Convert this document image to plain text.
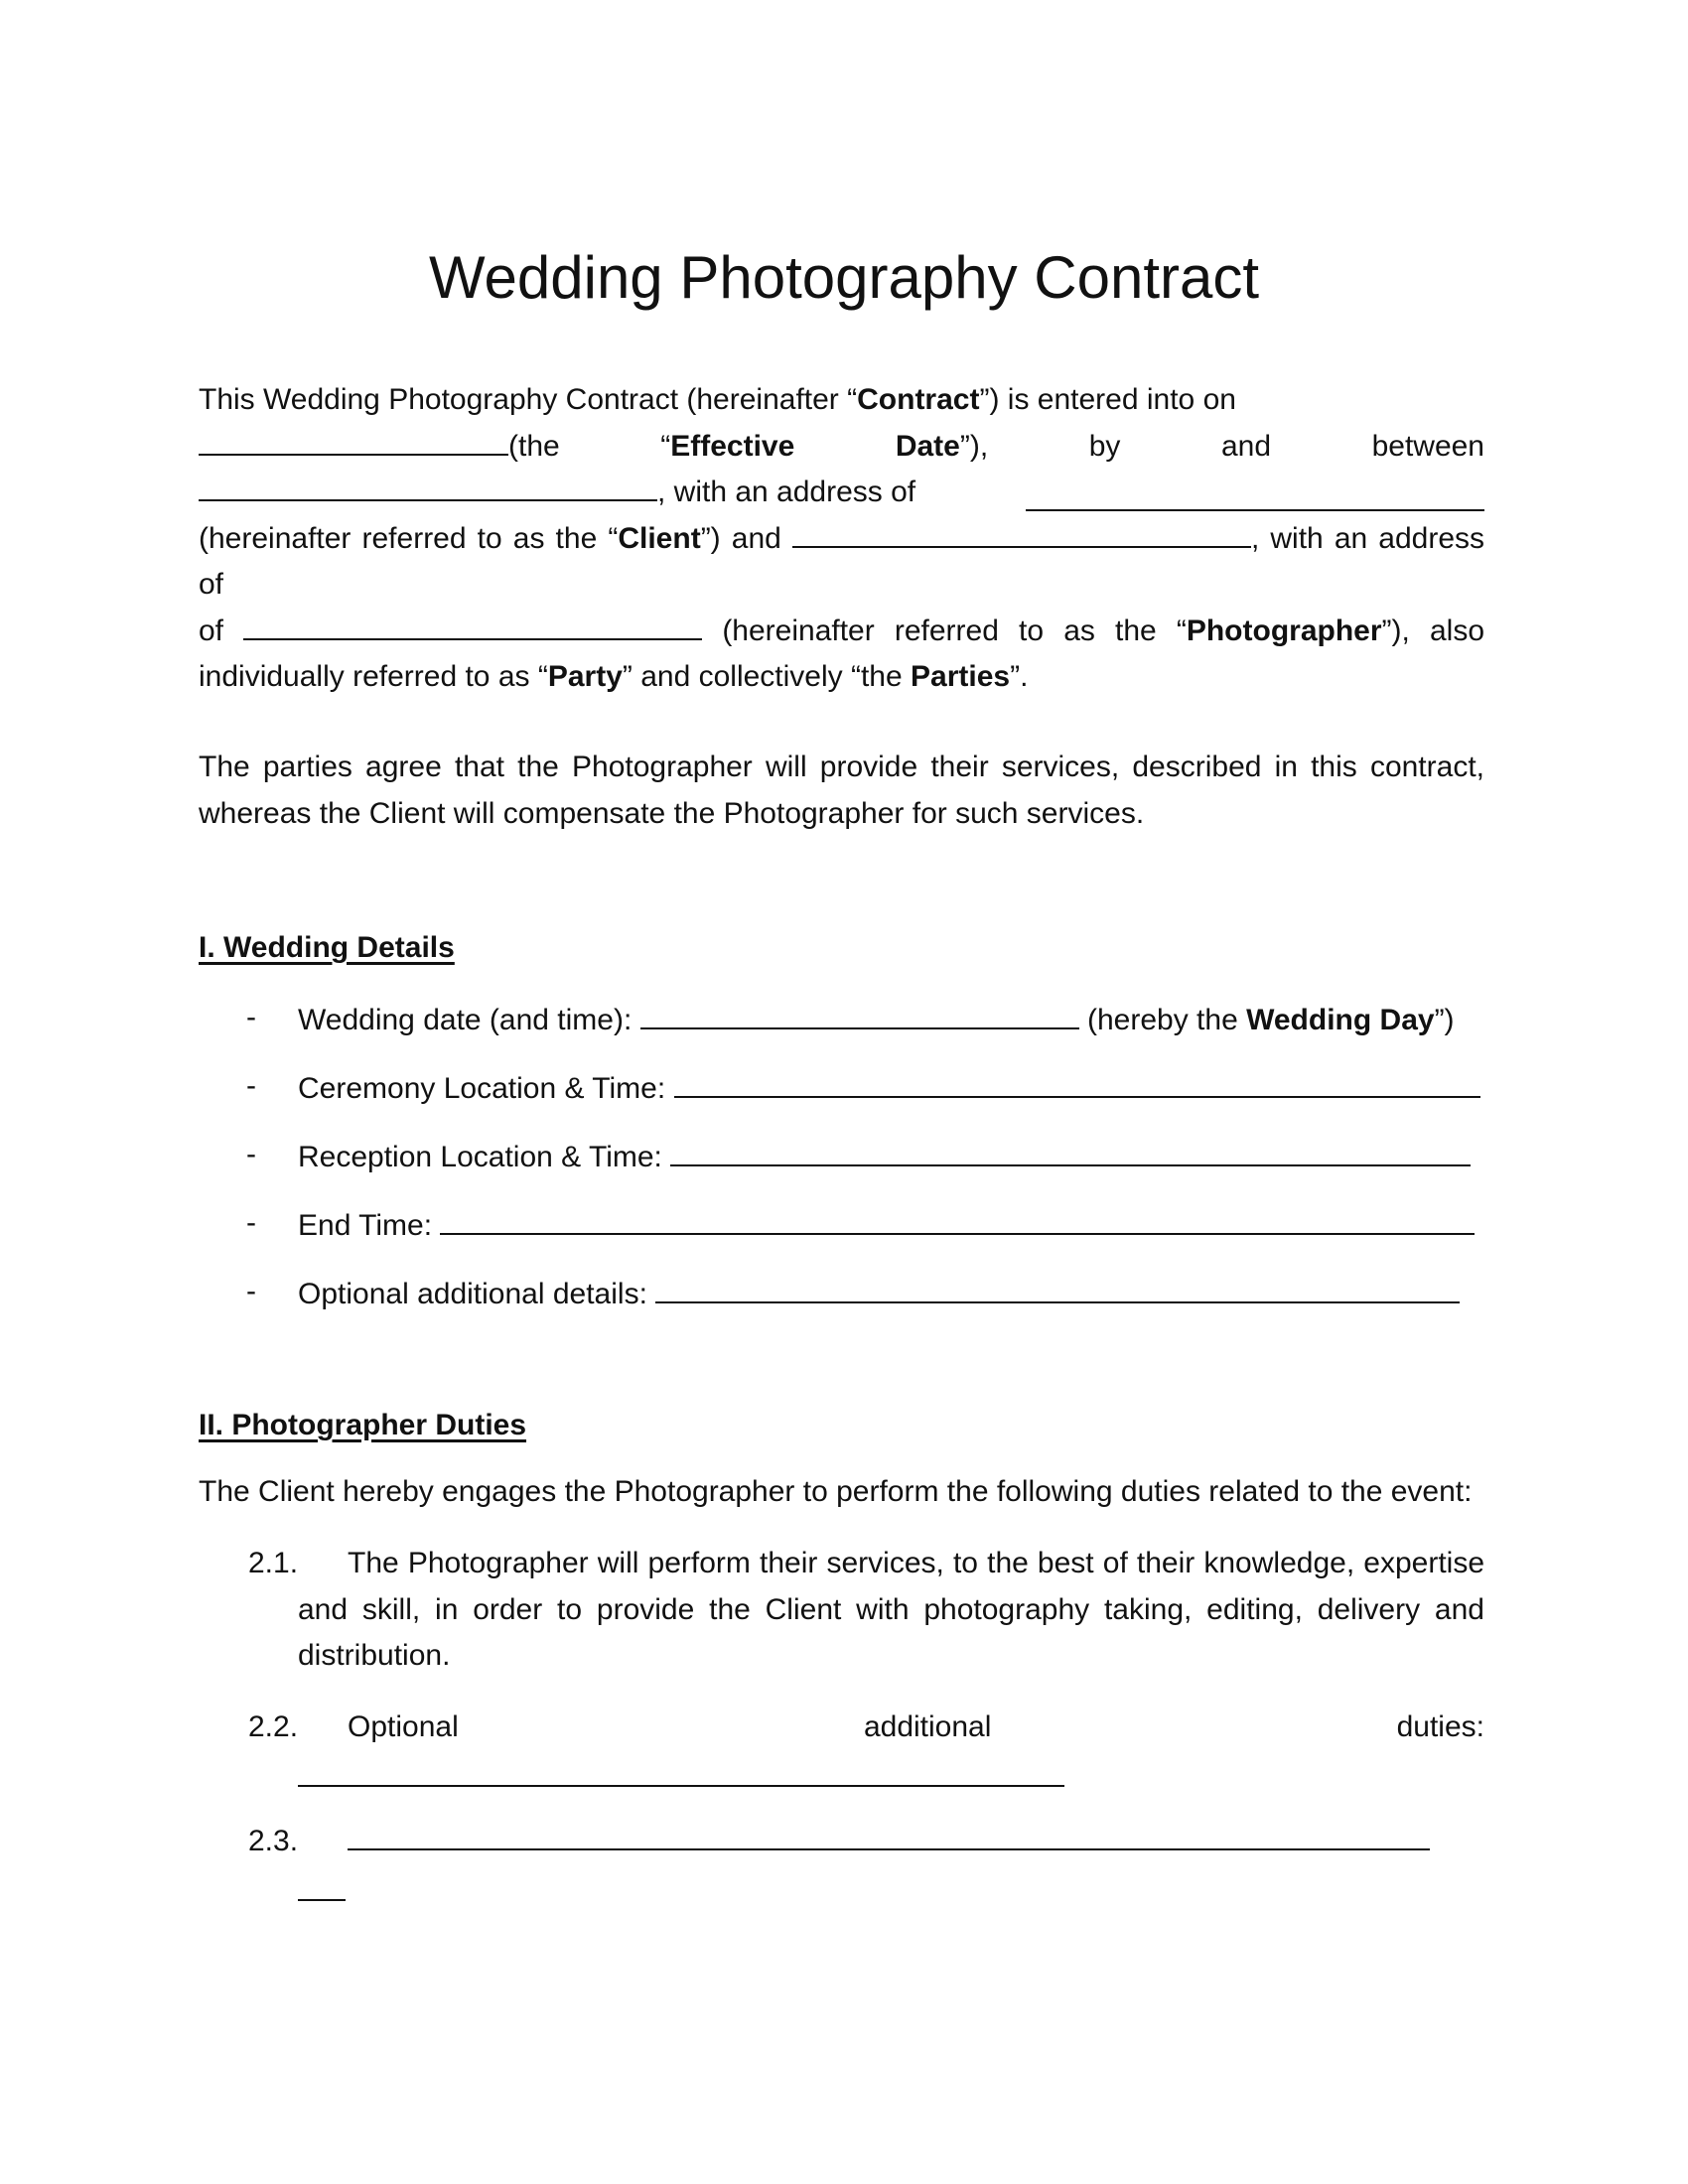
Wedding Photography Contract
This Wedding Photography Contract (hereinafter “Contract”) is entered into on
(the “Effective Date”), by and between
, with an address of

(hereinafter referred to as the “Client”) and	, with an address of
of	(hereinafter referred to as the “Photographer”), also individually referred to as “Party” and collectively “the Parties”.
The parties agree that the Photographer will provide their services, described in this contract, whereas the Client will compensate the Photographer for such services.
I. Wedding Details
- Wedding date (and time):	(hereby the Wedding Day”)
- Ceremony Location & Time:
- Reception Location & Time:
- End Time:
- Optional additional details:
II. Photographer Duties
The Client hereby engages the Photographer to perform the following duties related to the event:
2.1.	The Photographer will perform their services, to the best of their knowledge, expertise and skill, in order to provide the Client with photography taking, editing, delivery and distribution.
2.2. Optional	additional	duties:
2.3.
